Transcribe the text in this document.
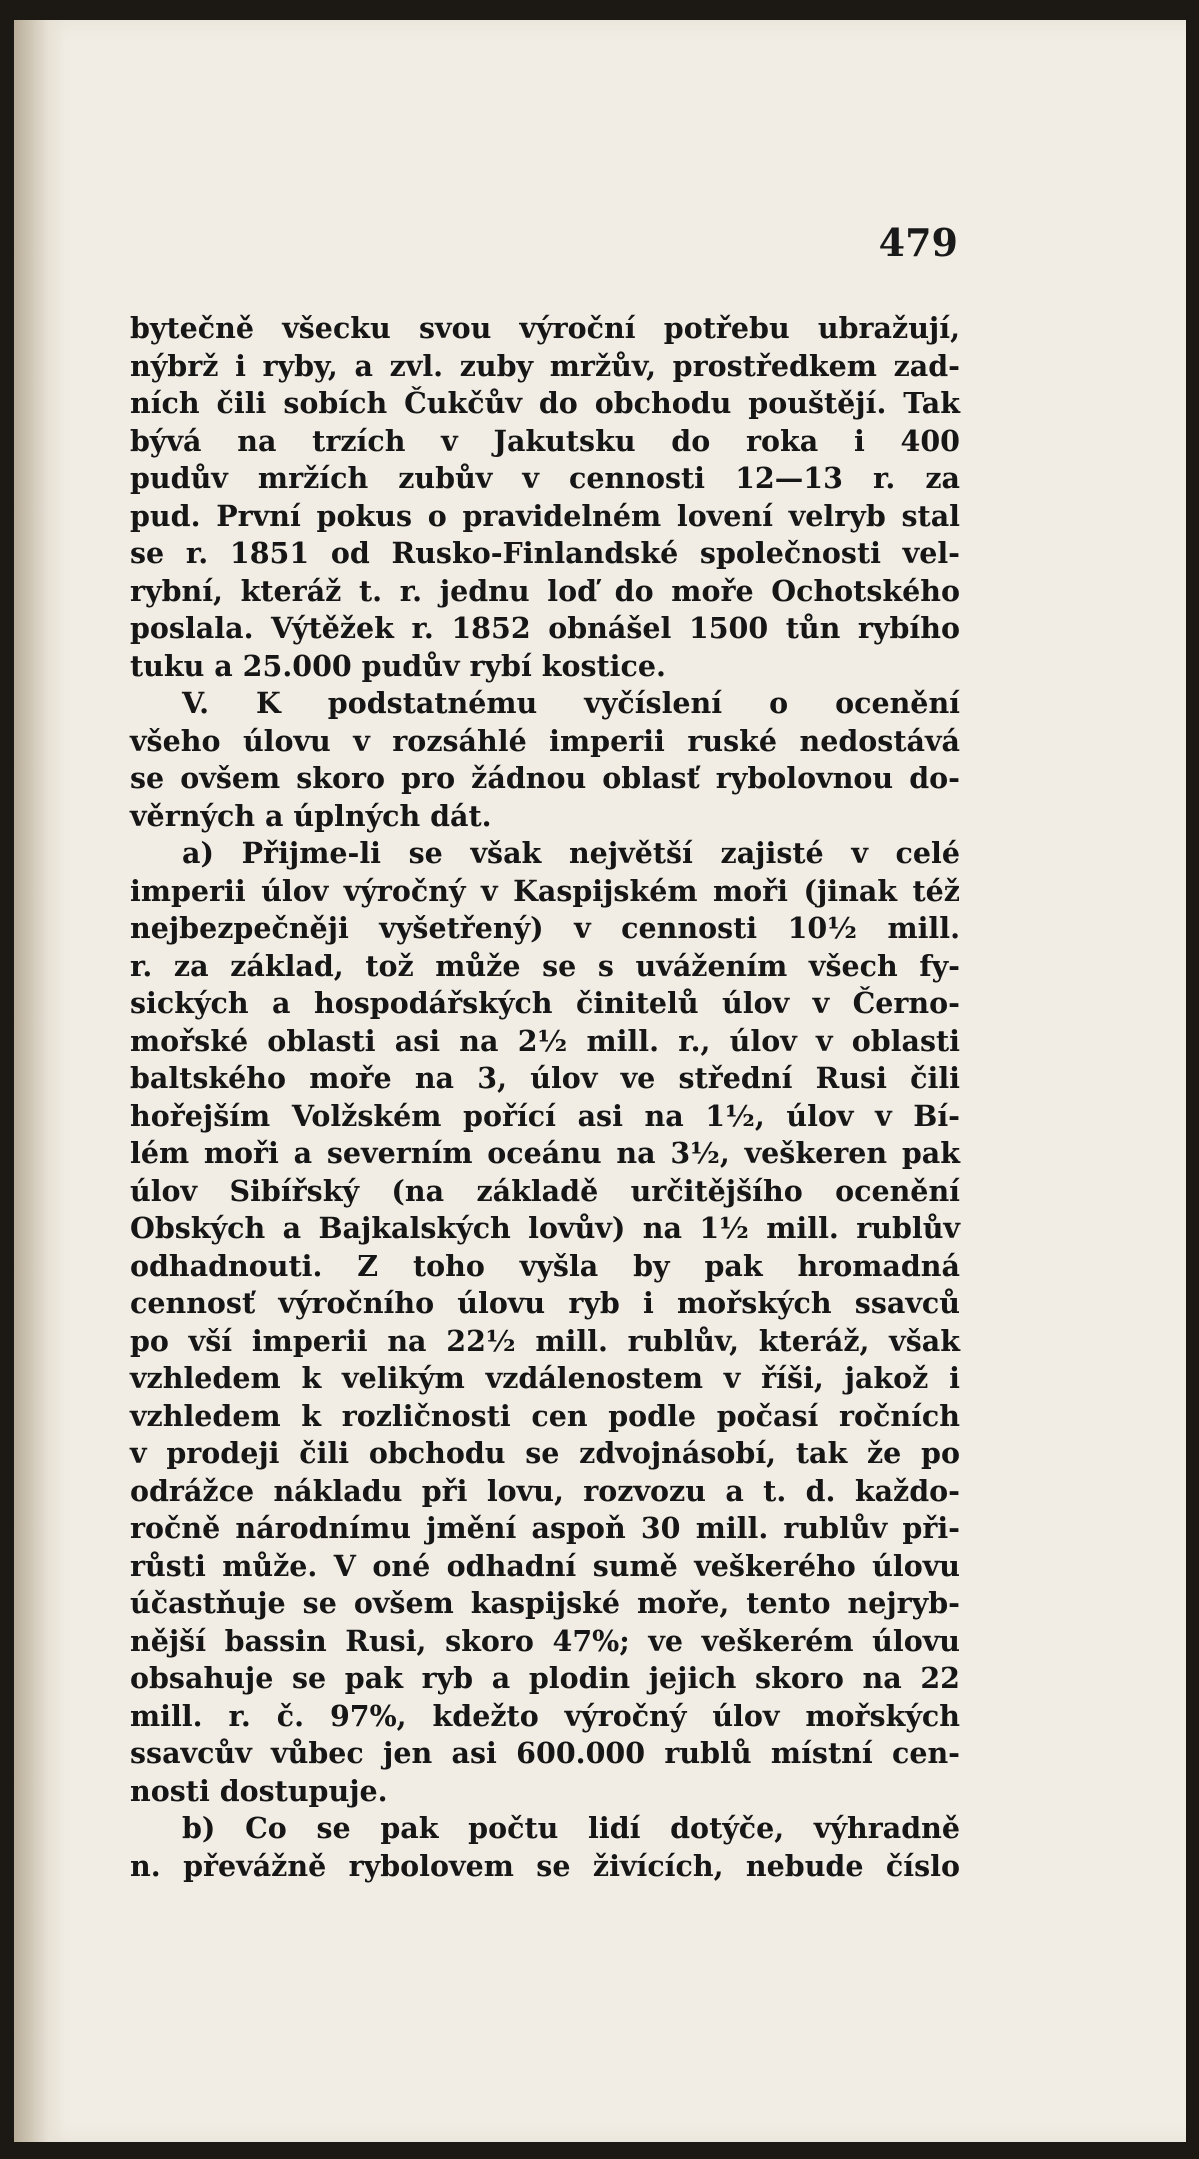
479
bytečně všecku svou výroční potřebu ubražují,
nýbrž i ryby, a zvl. zuby mržův, prostředkem zad-
ních čili sobích Čukčův do obchodu pouštějí. Tak
bývá na trzích v Jakutsku do roka i 400
pudův mržích zubův v cennosti 12—13 r. za
pud. První pokus o pravidelném lovení velryb stal
se r. 1851 od Rusko-Finlandské společnosti vel-
rybní, kteráž t. r. jednu loď do moře Ochotského
poslala. Výtěžek r. 1852 obnášel 1500 tůn rybího
tuku a 25.000 pudův rybí kostice.
V. K podstatnému vyčíslení o ocenění
všeho úlovu v rozsáhlé imperii ruské nedostává
se ovšem skoro pro žádnou oblasť rybolovnou do-
věrných a úplných dát.
a) Přijme-li se však největší zajisté v celé
imperii úlov výročný v Kaspijském moři (jinak též
nejbezpečněji vyšetřený) v cennosti 10½ mill.
r. za základ, tož může se s uvážením všech fy-
sických a hospodářských činitelů úlov v Černo-
mořské oblasti asi na 2½ mill. r., úlov v oblasti
baltského moře na 3, úlov ve střední Rusi čili
hořejším Volžském pořící asi na 1½, úlov v Bí-
lém moři a severním oceánu na 3½, veškeren pak
úlov Sibířský (na základě určitějšího ocenění
Obských a Bajkalských lovův) na 1½ mill. rublův
odhadnouti. Z toho vyšla by pak hromadná
cennosť výročního úlovu ryb i mořských ssavců
po vší imperii na 22½ mill. rublův, kteráž, však
vzhledem k velikým vzdálenostem v říši, jakož i
vzhledem k rozličnosti cen podle počasí ročních
v prodeji čili obchodu se zdvojnásobí, tak že po
odrážce nákladu při lovu, rozvozu a t. d. každo-
ročně národnímu jmění aspoň 30 mill. rublův při-
růsti může. V oné odhadní sumě veškerého úlovu
účastňuje se ovšem kaspijské moře, tento nejryb-
nější bassin Rusi, skoro 47%; ve veškerém úlovu
obsahuje se pak ryb a plodin jejich skoro na 22
mill. r. č. 97%, kdežto výročný úlov mořských
ssavcův vůbec jen asi 600.000 rublů místní cen-
nosti dostupuje.
b) Co se pak počtu lidí dotýče, výhradně
n. převážně rybolovem se živících, nebude číslo
